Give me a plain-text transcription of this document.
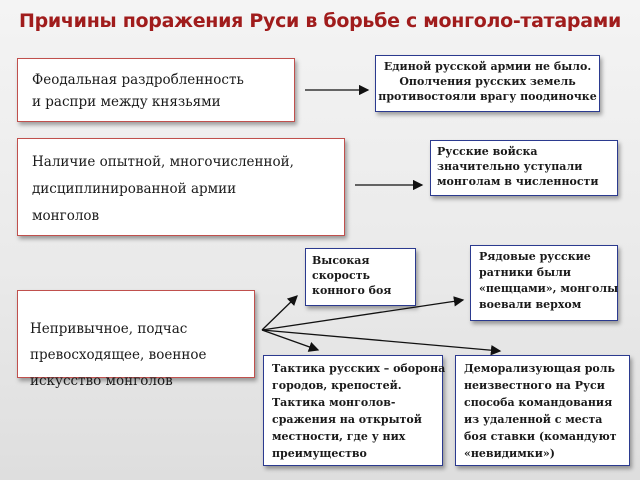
Причины поражения Руси в борьбе с монголо-татарами

Феодальная раздробленность

и распри между князьями

Наличие опытной, многочисленной,

дисциплинированной армии

монголов

Непривычное, подчас

превосходящее, военное

искусство монголов

Единой русской армии не было.

Ополчения русских земель

противостояли врагу поодиночке

Русские войска

значительно уступали

монголам в численности

Высокая

скорость

конного боя

Рядовые русские

ратники были

«пещцами», монголы

воевали верхом

Тактика русских – оборона

городов, крепостей.

Тактика монголов-

сражения на открытой

местности, где у них

преимущество

Деморализующая роль

неизвестного на Руси

способа командования

из удаленной с места

боя ставки (командуют

«невидимки»)
